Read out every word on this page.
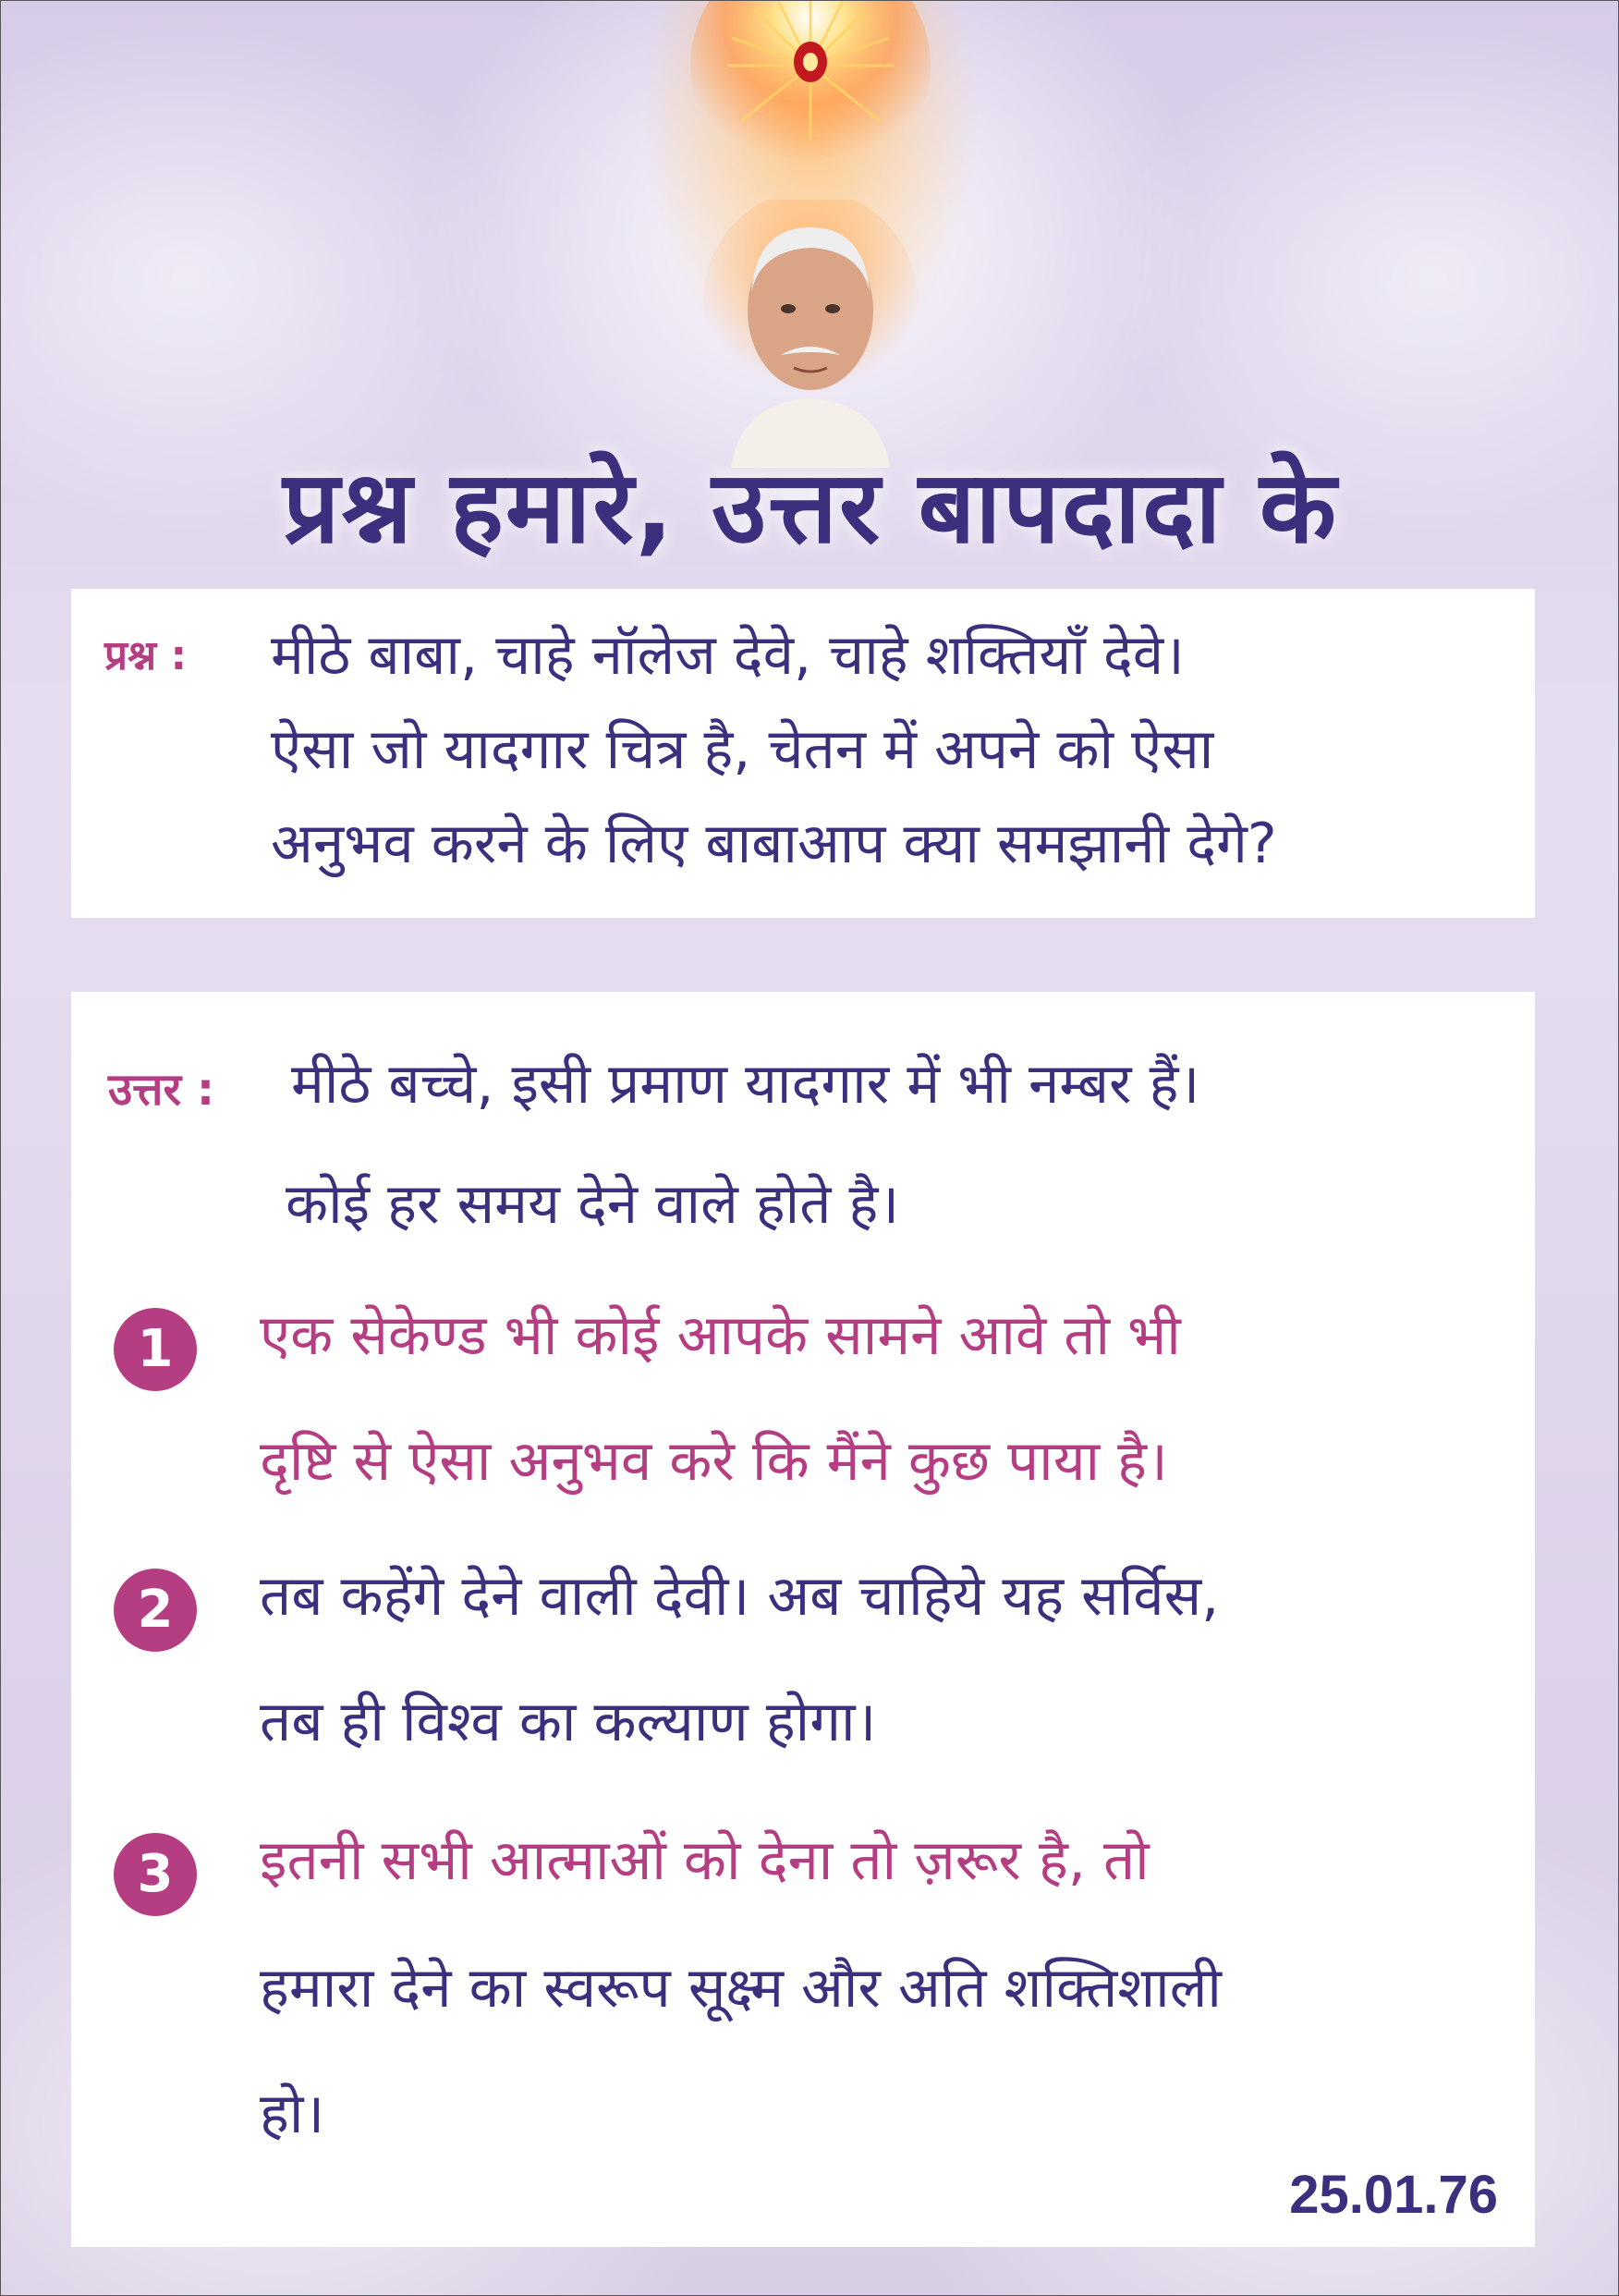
प्रश्न हमारे, उत्तर बापदादा के
प्रश्न : मीठे बाबा, चाहे नॉलेज देवे, चाहे शक्तियाँ देवे।
ऐसा जो यादगार चित्र है, चेतन में अपने को ऐसा
अनुभव करने के लिए बाबाआप क्या समझानी देगे?
उत्तर : मीठे बच्चे, इसी प्रमाण यादगार में भी नम्बर हैं।
कोई हर समय देने वाले होते है।
1	एक सेकेण्ड भी कोई आपके सामने आवे तो भी
दृष्टि से ऐसा अनुभव करे कि मैंने कुछ पाया है।
2	तब कहेंगे देने वाली देवी। अब चाहिये यह सर्विस,
तब ही विश्व का कल्याण होगा।
3	इतनी सभी आत्माओं को देना तो ज़रूर है, तो
हमारा देने का स्वरूप सूक्ष्म और अति शक्तिशाली
हो।
25.01.76
